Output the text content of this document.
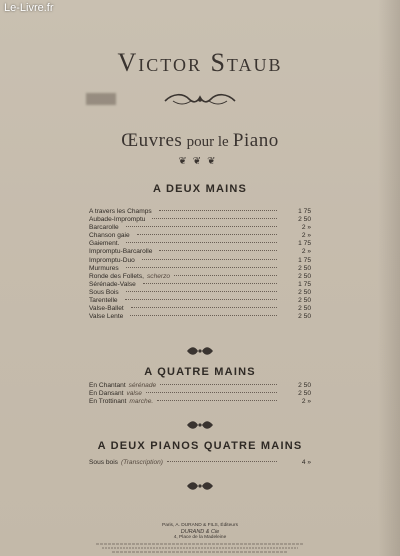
Le-Livre.fr
Victor Staub
Œuvres pour le Piano
❦❦❦
A DEUX MAINS
A travers les Champs	1 75
Aubade-Impromptu	2 50
Barcarolle	2 »
Chanson gaie	2 »
Gaiement.	1 75
Impromptu-Barcarolle	2 »
Impromptu-Duo	1 75
Murmures	2 50
Ronde des Follets, scherzo	2 50
Sérénade-Valse	1 75
Sous Bois	2 50
Tarentelle	2 50
Valse-Ballet	2 50
Valse Lente	2 50
A QUATRE MAINS
En Chantant sérénade	2 50
En Dansant valse	2 50
En Trottinant marche.	2 »
A DEUX PIANOS QUATRE MAINS
Sous bois (Transcription)	4 »
Paris, A. DURAND & FILS, Éditeurs
DURAND & Cie
4, Place de la Madeleine
